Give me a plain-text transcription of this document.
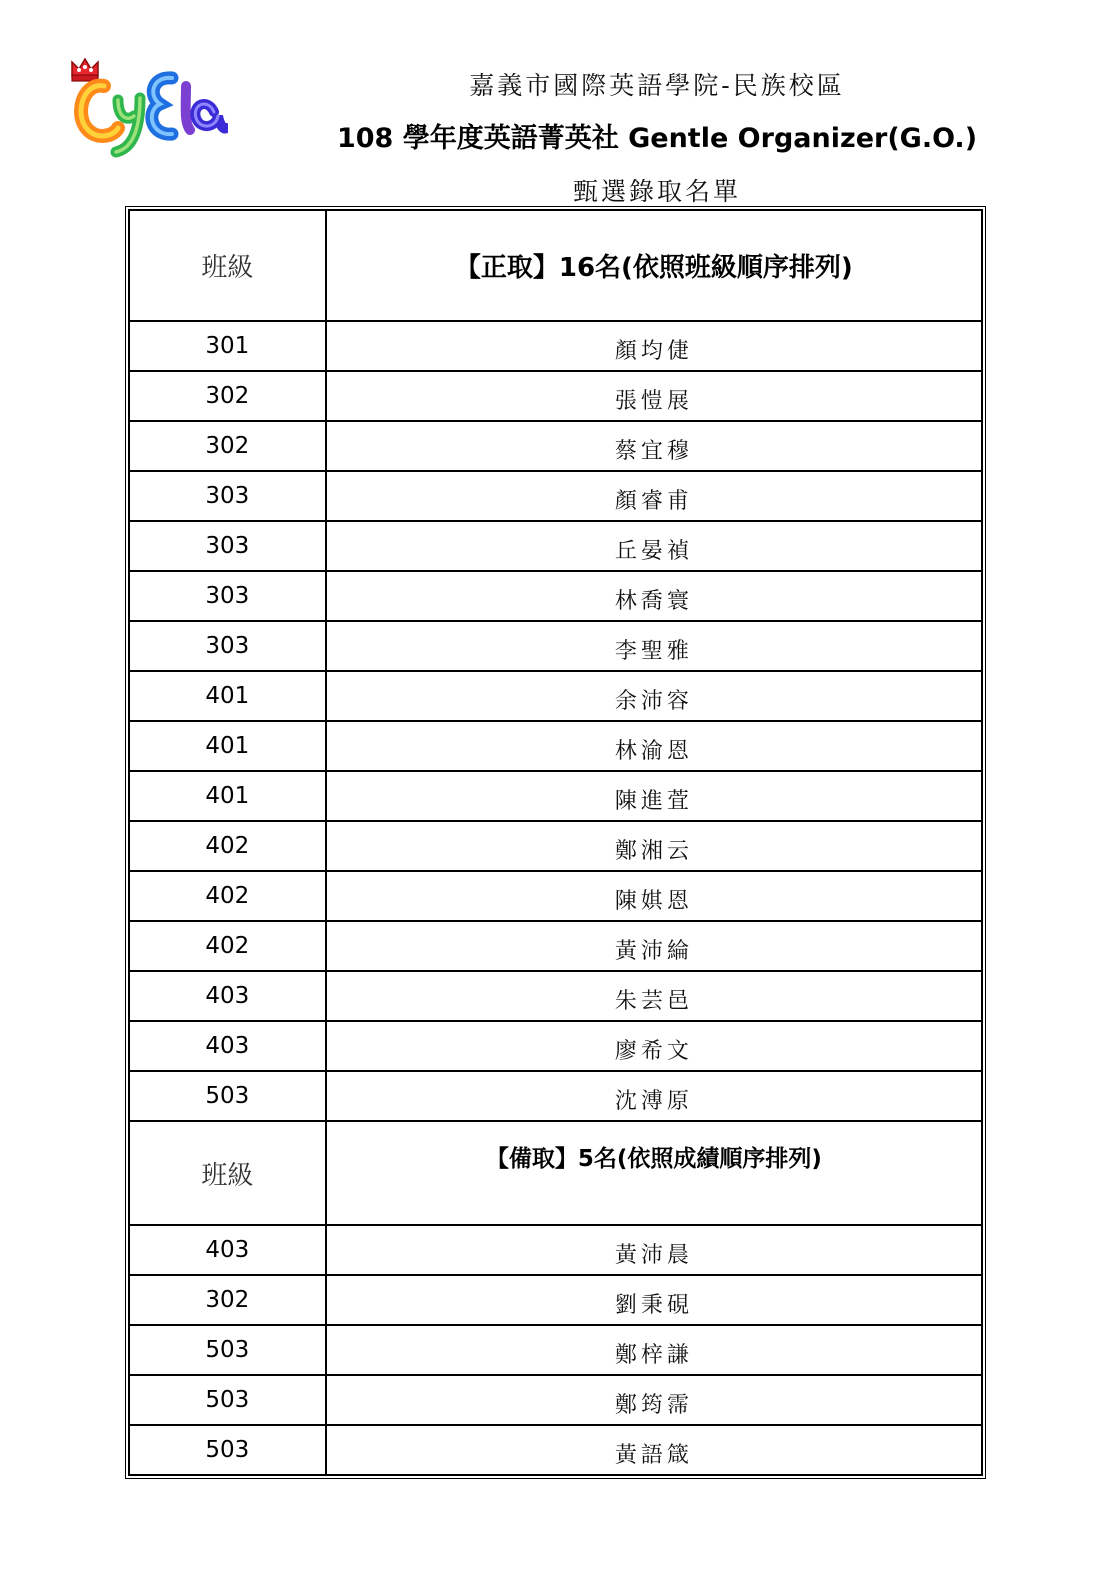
嘉義市國際英語學院-民族校區
108 學年度英語菁英社 Gentle Organizer(G.O.)
甄選錄取名單
班級	【正取】16名(依照班級順序排列)
301	顏均倢
302	張愷展
302	蔡宜穆
303	顏睿甫
303	丘晏禎
303	林喬寰
303	李聖雅
401	余沛容
401	林渝恩
401	陳進萓
402	鄭湘云
402	陳娸恩
402	黃沛綸
403	朱芸邑
403	廖希文
503	沈溥原
班級	【備取】5名(依照成績順序排列)
403	黃沛晨
302	劉秉硯
503	鄭梓謙
503	鄭筠霈
503	黃語箴
